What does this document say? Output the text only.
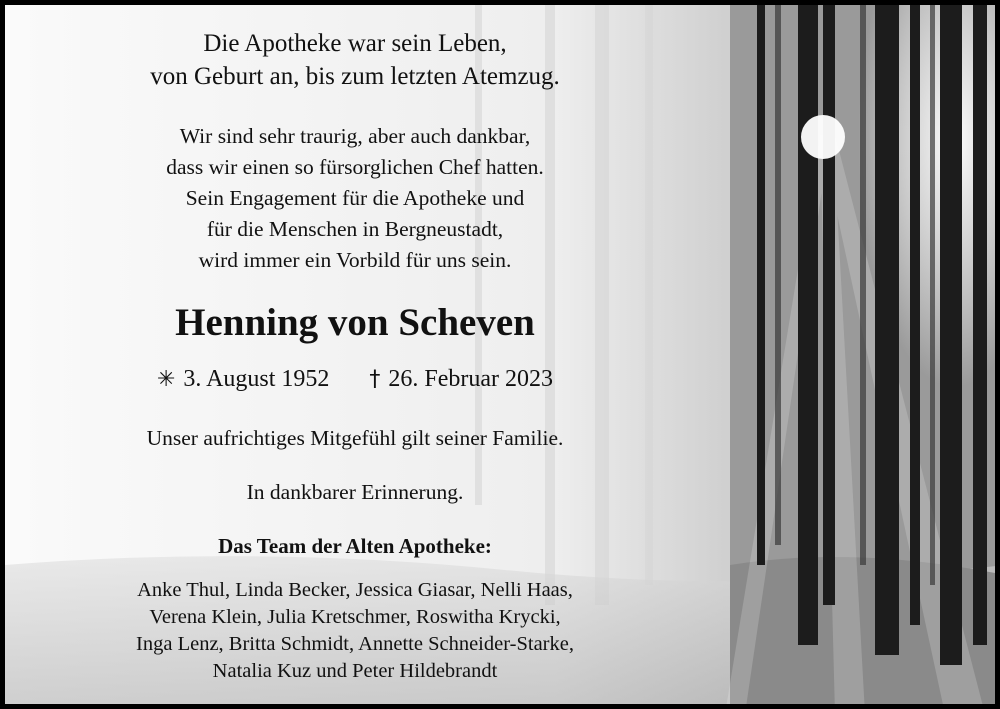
Die Apotheke war sein Leben,
von Geburt an, bis zum letzten Atemzug.
Wir sind sehr traurig, aber auch dankbar,
dass wir einen so fürsorglichen Chef hatten.
Sein Engagement für die Apotheke und
für die Menschen in Bergneustadt,
wird immer ein Vorbild für uns sein.
Henning von Scheven
✳ 3. August 1952 † 26. Februar 2023
Unser aufrichtiges Mitgefühl gilt seiner Familie.
In dankbarer Erinnerung.
Das Team der Alten Apotheke:
Anke Thul, Linda Becker, Jessica Giasar, Nelli Haas,
Verena Klein, Julia Kretschmer, Roswitha Krycki,
Inga Lenz, Britta Schmidt, Annette Schneider-Starke,
Natalia Kuz und Peter Hildebrandt
